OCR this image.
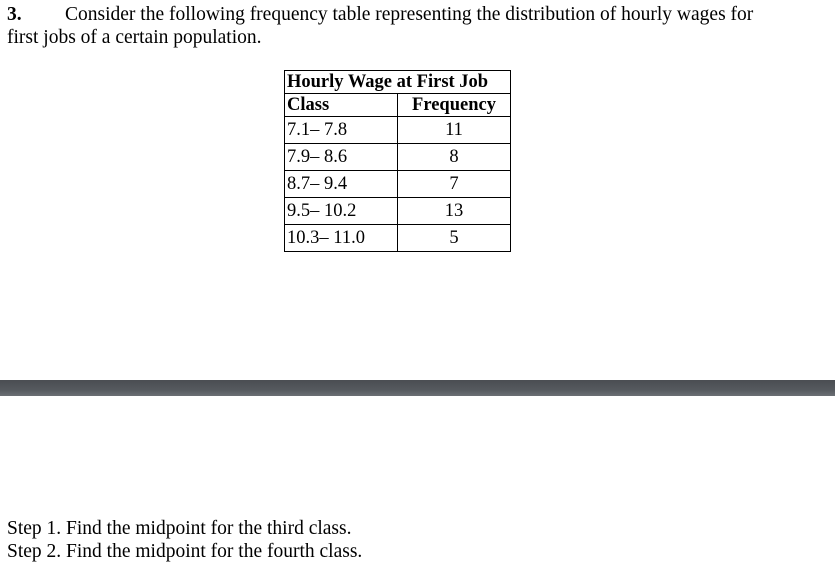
3. Consider the following frequency table representing the distribution of hourly wages for
first jobs of a certain population.
Hourly Wage at First Job	
Class	Frequency
7.1– 7.8	11
7.9– 8.6	8
8.7– 9.4	7
9.5– 10.2	13
10.3– 11.0	5
Step 1. Find the midpoint for the third class.
Step 2. Find the midpoint for the fourth class.
